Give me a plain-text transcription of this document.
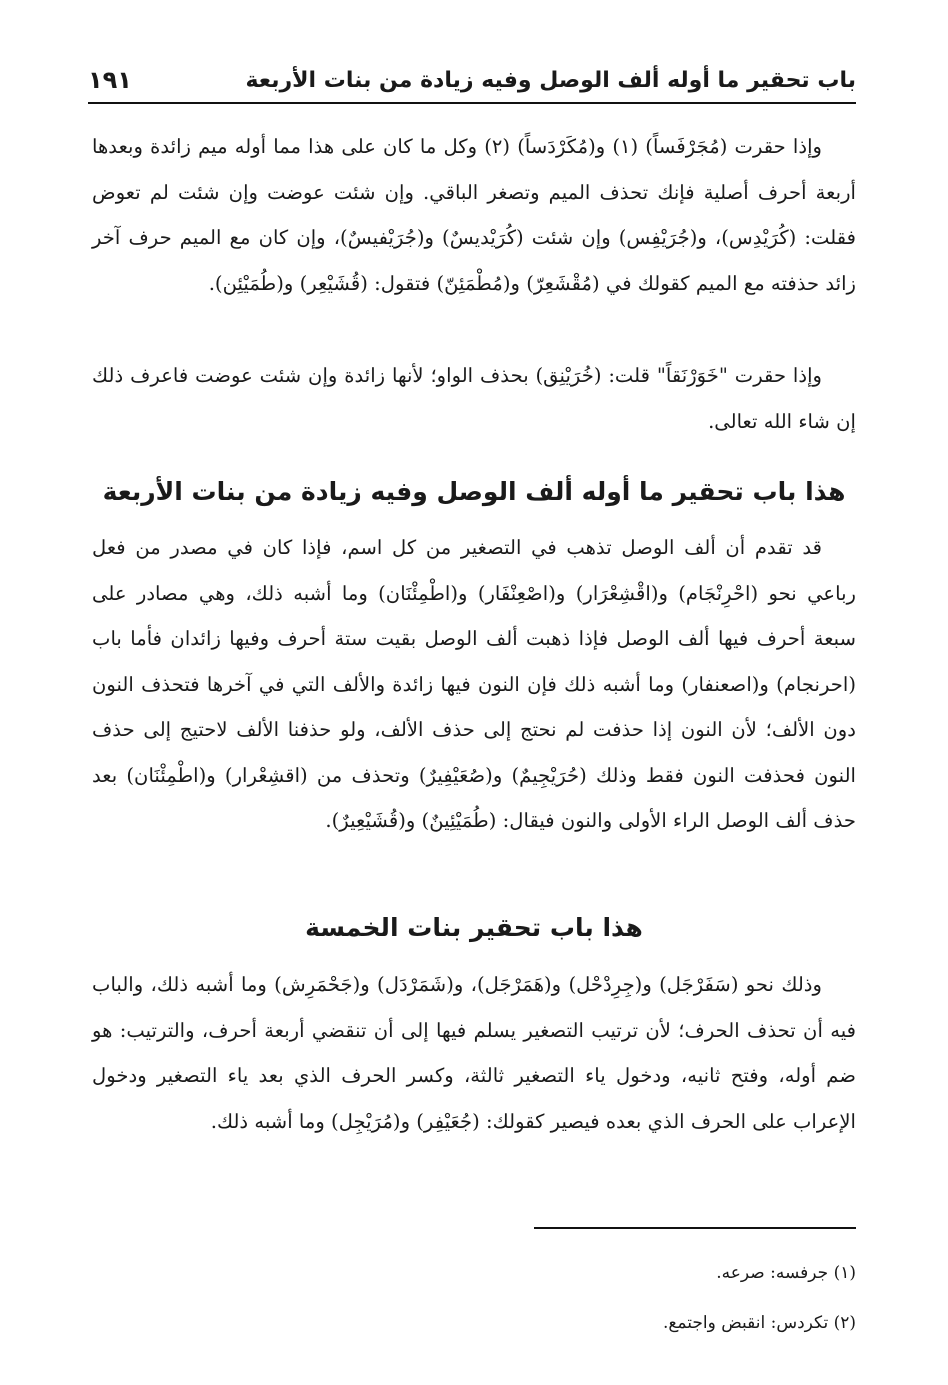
باب تحقير ما أوله ألف الوصل وفيه زيادة من بنات الأربعة
١٩١

وإذا حقرت (مُجَرْفَساً) (١) و(مُكَرْدَساً) (٢) وكل ما كان على هذا مما أوله ميم زائدة وبعدها أربعة أحرف أصلية فإنك تحذف الميم وتصغر الباقي. وإن شئت عوضت وإن شئت لم تعوض فقلت: (كُرَيْدِس)، و(جُرَيْفِس) وإن شئت (كُرَيْديسٌ) و(جُرَيْفيسٌ)، وإن كان مع الميم حرف آخر زائد حذفته مع الميم كقولك في (مُقْشَعِرّ) و(مُطْمَئِنّ) فتقول: (قُشَيْعِر) و(طُمَيْئِن).

وإذا حقرت "خَوَرْنَقاً" قلت: (خُرَيْنِق) بحذف الواو؛ لأنها زائدة وإن شئت عوضت فاعرف ذلك إن شاء الله تعالى.

هذا باب تحقير ما أوله ألف الوصل وفيه زيادة من بنات الأربعة

قد تقدم أن ألف الوصل تذهب في التصغير من كل اسم، فإذا كان في مصدر من فعل رباعي نحو (احْرِنْجَام) و(اقْشِعْرَار) و(اصْعِنْفَار) و(اطْمِئْنَان) وما أشبه ذلك، وهي مصادر على سبعة أحرف فيها ألف الوصل فإذا ذهبت ألف الوصل بقيت ستة أحرف وفيها زائدان فأما باب (احرنجام) و(اصعنفار) وما أشبه ذلك فإن النون فيها زائدة والألف التي في آخرها فتحذف النون دون الألف؛ لأن النون إذا حذفت لم نحتج إلى حذف الألف، ولو حذفنا الألف لاحتيج إلى حذف النون فحذفت النون فقط وذلك (حُرَيْجِيمٌ) و(صُعَيْفِيرٌ) وتحذف من (اقشِعْرار) و(اطْمِئْنَان) بعد حذف ألف الوصل الراء الأولى والنون فيقال: (طُمَيْئِينٌ) و(قُشَيْعِيرٌ).

هذا باب تحقير بنات الخمسة

وذلك نحو (سَفَرْجَل) و(جِرِدْحْل) و(هَمَرْجَل)، و(شَمَرْدَل) و(جَحْمَرِش) وما أشبه ذلك، والباب فيه أن تحذف الحرف؛ لأن ترتيب التصغير يسلم فيها إلى أن تنقضي أربعة أحرف، والترتيب: هو ضم أوله، وفتح ثانيه، ودخول ياء التصغير ثالثة، وكسر الحرف الذي بعد ياء التصغير ودخول الإعراب على الحرف الذي بعده فيصير كقولك: (جُعَيْفِر) و(مُرَيْجِل) وما أشبه ذلك.

(١) جرفسه: صرعه.
(٢) تكردس: انقبض واجتمع.
